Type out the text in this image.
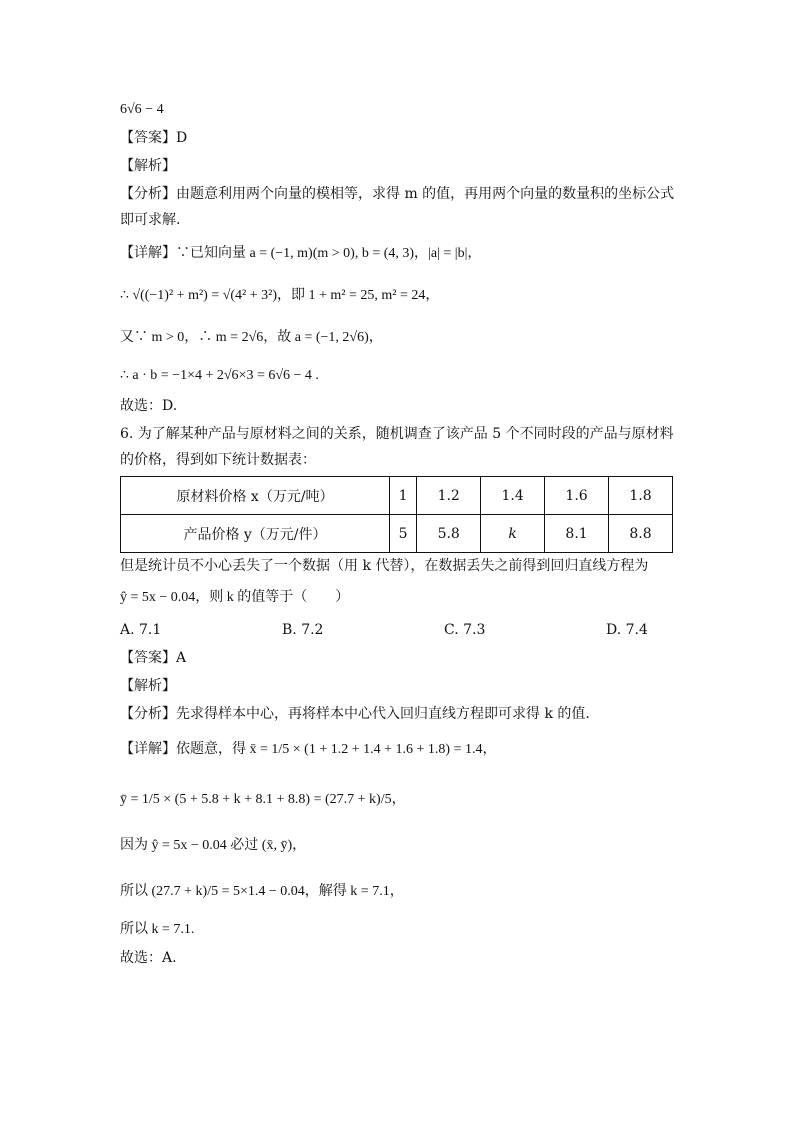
6√6 − 4
【答案】D
【解析】
【分析】由题意利用两个向量的模相等，求得 m 的值，再用两个向量的数量积的坐标公式
即可求解.
【详解】∵已知向量 a = (−1, m)(m > 0), b = (4, 3)，|a| = |b|，
∴ √((−1)² + m²) = √(4² + 3²)，即 1 + m² = 25, m² = 24，
又∵ m > 0，∴ m = 2√6，故 a = (−1, 2√6)，
∴ a · b = −1×4 + 2√6×3 = 6√6 − 4 .
故选：D.
6. 为了解某种产品与原材料之间的关系，随机调查了该产品 5 个不同时段的产品与原材料
的价格，得到如下统计数据表：
原材料价格 x（万元/吨）	1	1.2	1.4	1.6	1.8
产品价格 y（万元/件）	5	5.8	k	8.1	8.8
但是统计员不小心丢失了一个数据（用 k 代替），在数据丢失之前得到回归直线方程为
ŷ = 5x − 0.04，则 k 的值等于（　　）
A. 7.1	B. 7.2	C. 7.3	D. 7.4
【答案】A
【解析】
【分析】先求得样本中心，再将样本中心代入回归直线方程即可求得 k 的值.
【详解】依题意，得 x̄ = 1/5 × (1 + 1.2 + 1.4 + 1.6 + 1.8) = 1.4，
ȳ = 1/5 × (5 + 5.8 + k + 8.1 + 8.8) = (27.7 + k)/5，
因为 ŷ = 5x − 0.04 必过 (x̄, ȳ)，
所以 (27.7 + k)/5 = 5×1.4 − 0.04，解得 k = 7.1，
所以 k = 7.1.
故选：A.
